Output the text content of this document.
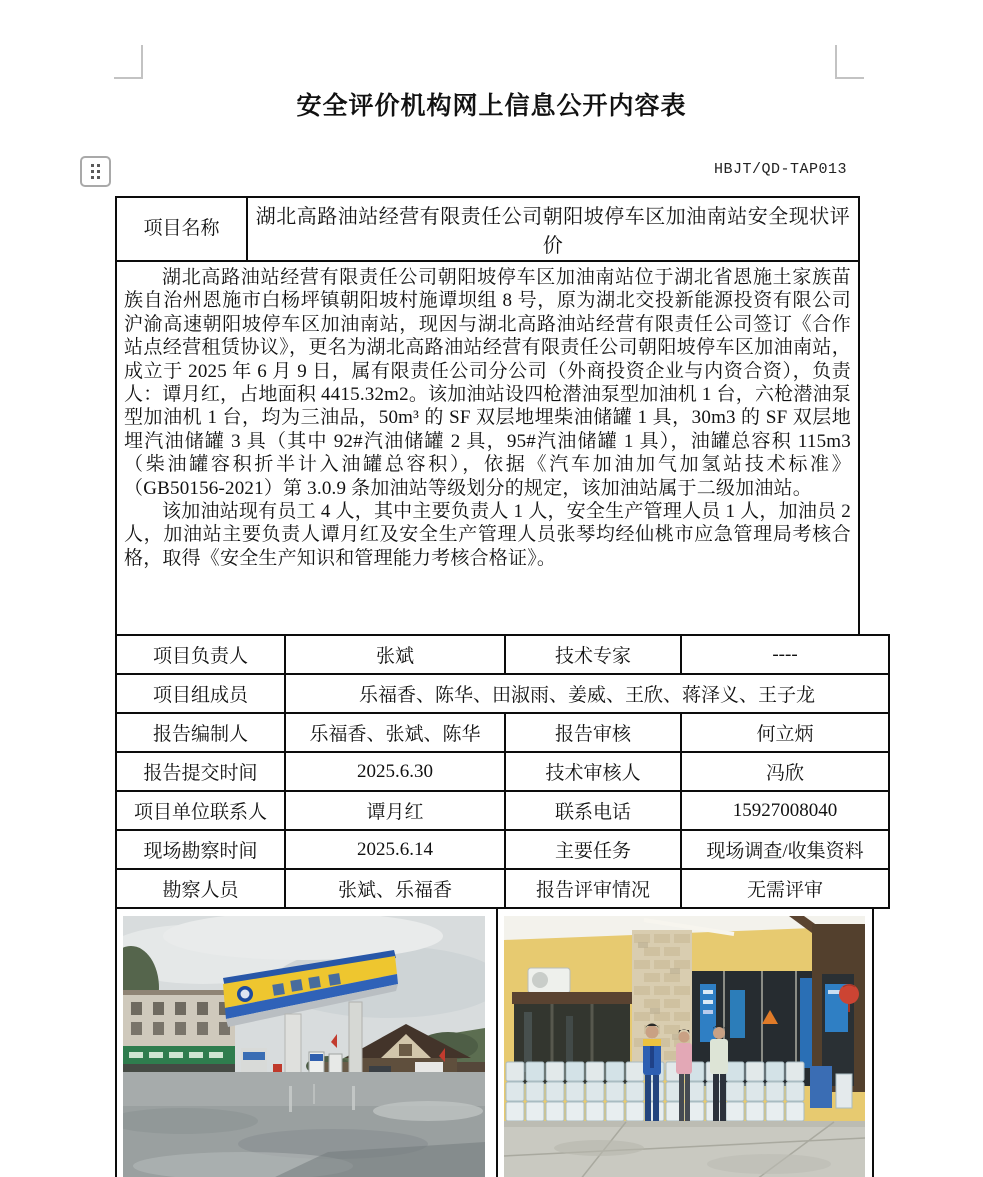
安全评价机构网上信息公开内容表
HBJT/QD-TAP013
项目名称	湖北高路油站经营有限责任公司朝阳坡停车区加油南站安全现状评价

湖北高路油站经营有限责任公司朝阳坡停车区加油南站位于湖北省恩施土家族苗族自治州恩施市白杨坪镇朝阳坡村施谭坝组 8 号，原为湖北交投新能源投资有限公司沪渝高速朝阳坡停车区加油南站，现因与湖北高路油站经营有限责任公司签订《合作站点经营租赁协议》，更名为湖北高路油站经营有限责任公司朝阳坡停车区加油南站，成立于 2025 年 6 月 9 日，属有限责任公司分公司（外商投资企业与内资合资），负责人：谭月红，占地面积 4415.32m2。该加油站设四枪潜油泵型加油机 1 台，六枪潜油泵型加油机 1 台，均为三油品，50m³ 的 SF 双层地埋柴油储罐 1 具，30m3 的 SF 双层地埋汽油储罐 3 具（其中 92#汽油储罐 2 具，95#汽油储罐 1 具），油罐总容积 115m3（柴油罐容积折半计入油罐总容积），依据《汽车加油加气加氢站技术标准》（GB50156-2021）第 3.0.9 条加油站等级划分的规定，该加油站属于二级加油站。

该加油站现有员工 4 人，其中主要负责人 1 人，安全生产管理人员 1 人，加油员 2 人，加油站主要负责人谭月红及安全生产管理人员张琴均经仙桃市应急管理局考核合格，取得《安全生产知识和管理能力考核合格证》。

项目负责人	张斌	技术专家	----
项目组成员	乐福香、陈华、田淑雨、姜威、王欣、蒋泽义、王子龙		
报告编制人	乐福香、张斌、陈华	报告审核	何立炳
报告提交时间	2025.6.30	技术审核人	冯欣
项目单位联系人	谭月红	联系电话	15927008040
现场勘察时间	2025.6.14	主要任务	现场调查/收集资料
勘察人员	张斌、乐福香	报告评审情况	无需评审
